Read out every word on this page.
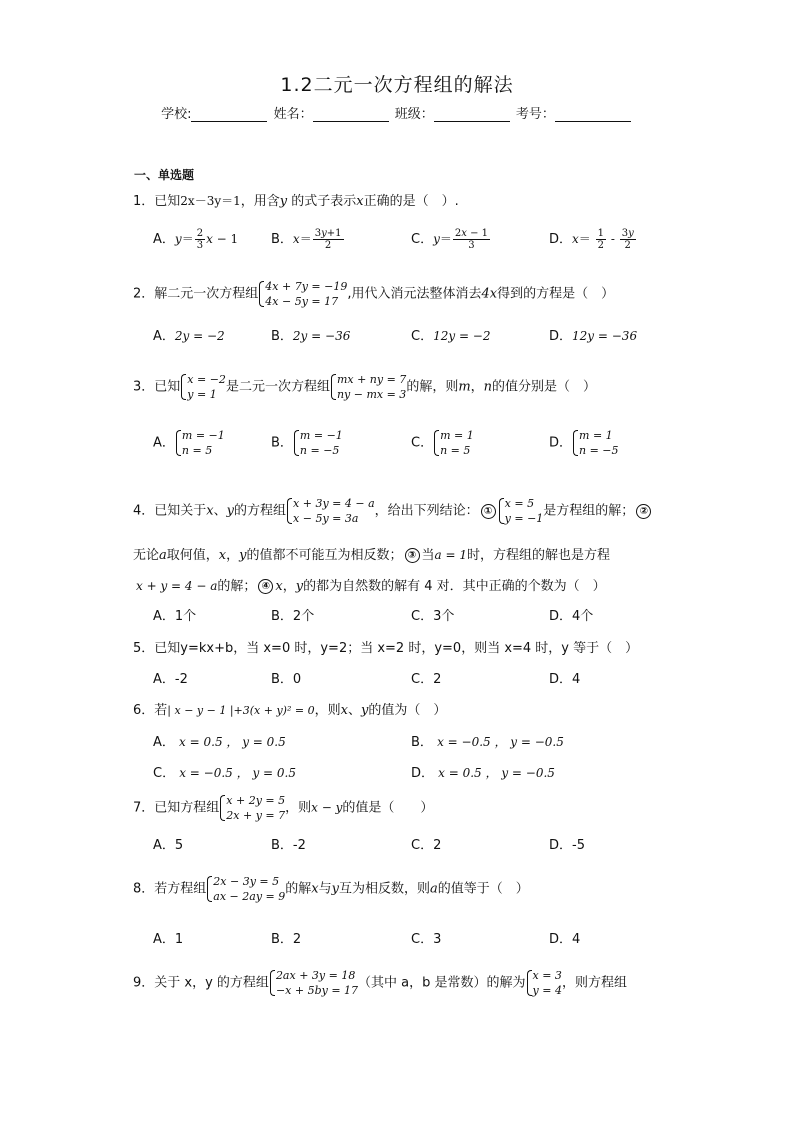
1.2二元一次方程组的解法
学校:	姓名：	班级：	考号：
一、单选题
1．已知2x－3y＝1，用含y 的式子表示x正确的是（　）.
A．$y= \frac{2}{3}$ x − 1	B．$x= \frac{3y+1}{2}$	C．$y= \frac{2x - 1}{3}$	D．$x= \frac{1}{2} - \frac{3y}{2}$
2．解二元一次方程组 4x + 7y = −19
4x − 5y = 17 ,用代入消元法整体消去4x得到的方程是（　）
A．2y = −2	B．2y = −36	C．12y = −2	D．12y = −36
3．已知 x = −2
y = 1 是二元一次方程组 mx + ny = 7
ny − mx = 3 的解，则m，n的值分别是（　）
A． m = −1
n = 5	B． m = −1
n = −5	C． m = 1
n = 5	D． m = 1
n = −5
4．已知关于x、y的方程组 x + 3y = 4 − a
x − 5y = 3a	，给出下列结论： ①
x = 5
y = −1 是方程组的解； ②
无论a取何值，x，y的值都不可能互为相反数； ③ 当a = 1时，方程组的解也是方程
x + y = 4 − a的解； ④ x，y的都为自然数的解有 4 对．其中正确的个数为（　）
A．1个	B．2个	C．3个	D．4个
5．已知y=kx+b，当 x=0 时，y=2；当 x=2 时，y=0，则当 x=4 时，y 等于（　）
A．-2	B．0	C．2	D．4
6．若| x − y − 1 |+3(x + y)² = 0，则x、y的值为（　）
A． x = 0.5 ， y = 0.5	B． x = −0.5 ， y = −0.5
C． x = −0.5 ， y = 0.5	D． x = 0.5 ， y = −0.5
7．已知方程组 x + 2y = 5
2x + y = 7 ，则x − y的值是（　　）
A．5	B．-2	C．2	D．-5
8．若方程组 2x − 3y = 5
ax − 2ay = 9 的解x与y互为相反数，则a的值等于（　）
A．1	B．2	C．3	D．4
9．关于 x，y 的方程组 2ax + 3y = 18
−x + 5by = 17 （其中 a，b 是常数）的解为 x = 3
y = 4 ，则方程组
